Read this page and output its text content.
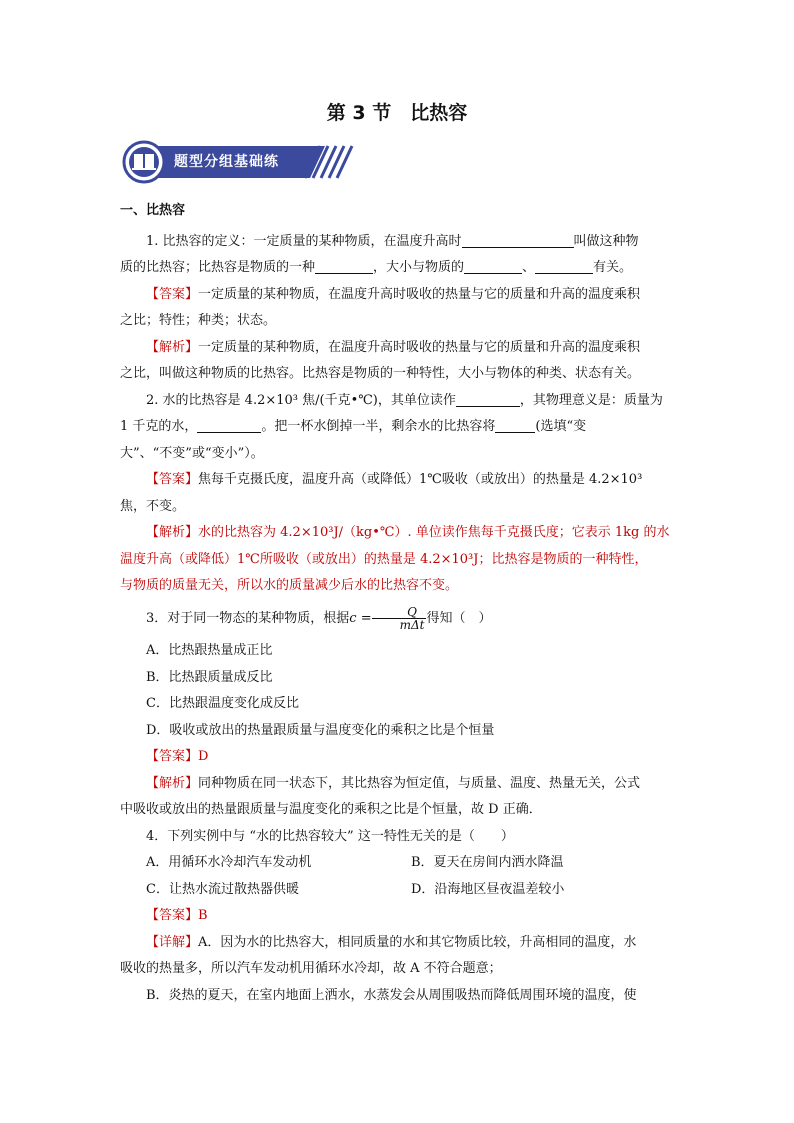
第 3 节　比热容
题型分组基础练

一、比热容

1. 比热容的定义：一定质量的某种物质，在温度升高时	叫做这种物

质的比热容；比热容是物质的一种	，大小与物质的	、	有关。

【答案】一定质量的某种物质，在温度升高时吸收的热量与它的质量和升高的温度乘积

之比；特性；种类；状态。

【解析】一定质量的某种物质，在温度升高时吸收的热量与它的质量和升高的温度乘积

之比，叫做这种物质的比热容。比热容是物质的一种特性，大小与物体的种类、状态有关。

2. 水的比热容是 4.2×10³ 焦/(千克•℃)，其单位读作	，其物理意义是：质量为

1 千克的水，	。把一杯水倒掉一半，剩余水的比热容将	(选填“变

大”、“不变”或“变小”）。

【答案】焦每千克摄氏度，温度升高（或降低）1℃吸收（或放出）的热量是 4.2×10³

焦，不变。

【解析】水的比热容为 4.2×10³J/（kg•℃）. 单位读作焦每千克摄氏度；它表示 1kg 的水

温度升高（或降低）1℃所吸收（或放出）的热量是 4.2×10³J；比热容是物质的一种特性，

与物质的质量无关，所以水的质量减少后水的比热容不变。

3．对于同一物态的某种物质，根据$c = \frac{Q}{\text{mΔt}}$ 得知（　）

A．比热跟热量成正比

B．比热跟质量成反比

C．比热跟温度变化成反比

D．吸收或放出的热量跟质量与温度变化的乘积之比是个恒量

【答案】D

【解析】同种物质在同一状态下，其比热容为恒定值，与质量、温度、热量无关，公式

中吸收或放出的热量跟质量与温度变化的乘积之比是个恒量，故 D 正确．

4．下列实例中与 “水的比热容较大” 这一特性无关的是（　　）

A．用循环水冷却汽车发动机	B．夏天在房间内洒水降温
C．让热水流过散热器供暖	D．沿海地区昼夜温差较小

【答案】B

【详解】A．因为水的比热容大，相同质量的水和其它物质比较，升高相同的温度，水

吸收的热量多，所以汽车发动机用循环水冷却，故 A 不符合题意；

B．炎热的夏天，在室内地面上洒水，水蒸发会从周围吸热而降低周围环境的温度，使
